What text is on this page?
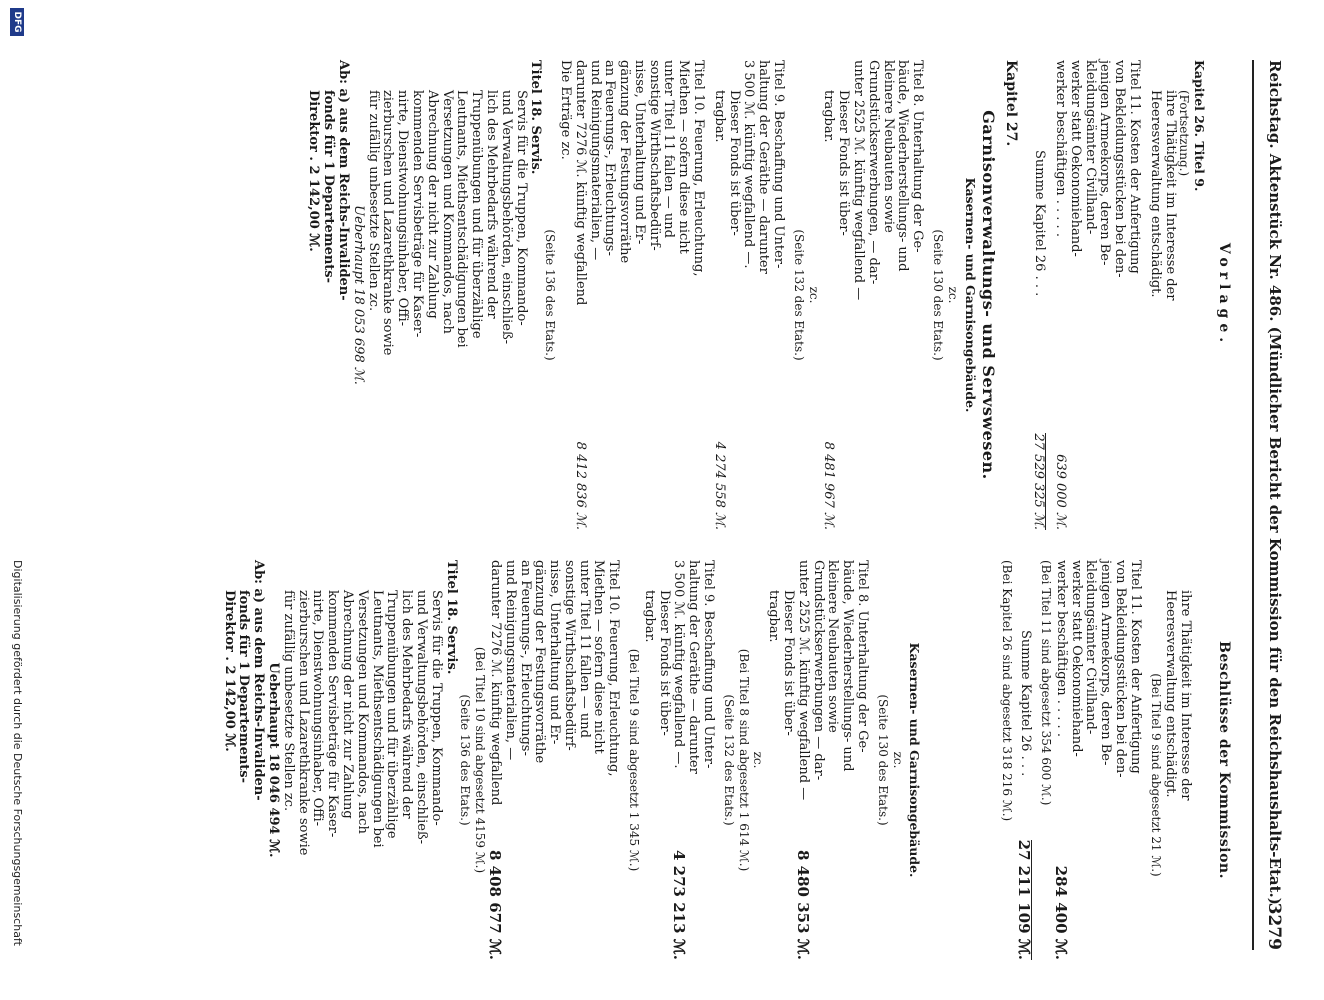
Reichstag. Aktenstück Nr. 486. (Mündlicher Bericht der Kommission für den Reichshaushalts-Etat.)
3279
Vorlage.
Kapitel 26. Titel 9.
(Fortsetzung.)
ihre Thätigkeit im Interesse der
Heeresverwaltung entschädigt.
Titel 11. Kosten der Anfertigung
von Bekleidungsstücken bei den-
jenigen Armeekorps, deren Be-
kleidungsämter Civilhand-
werker statt Oekonomiehand-
werker beschäftigen . . . . .
639 000 ℳ.
Summe Kapitel 26 . . .
27 529 325 ℳ.
Kapitel 27.
Garnisonverwaltungs- und Servswesen.
Kasernen- und Garnisongebäude.
zc.
(Seite 130 des Etats.)
Titel 8. Unterhaltung der Ge-
bäude, Wiederherstellungs- und
kleinere Neubauten sowie
Grundstückserwerbungen, — dar-
unter 2525 ℳ. künftig wegfallend —
Dieser Fonds ist über-
tragbar.
8 481 967 ℳ.
zc.
(Seite 132 des Etats.)
Titel 9. Beschaffung und Unter-
haltung der Geräthe — darunter
3 500 ℳ. künftig wegfallend —.
Dieser Fonds ist über-
tragbar.
4 274 558 ℳ.
Titel 10. Feuerung, Erleuchtung,
Miethen — sofern diese nicht
unter Titel 11 fallen — und
sonstige Wirthschaftsbedürf-
nisse, Unterhaltung und Er-
gänzung der Festungsvorräthe
an Feuerungs-, Erleuchtungs-
und Reinigungsmaterialien, —
darunter 7276 ℳ. künftig wegfallend
Die Erträge zc.
8 412 836 ℳ.
(Seite 136 des Etats.)
Titel 18. Servis.
Servis für die Truppen, Kommando-
und Verwaltungsbehörden, einschließ-
lich des Mehrbedarfs während der
Truppenübungen und für überzählige
Leutnants, Miethsentschädigungen bei
Versetzungen und Kommandos, nach
Abrechnung der nicht zur Zahlung
kommenden Servisbeträge für Kaser-
nirte, Dienstwohnungsinhaber, Offi-
zierburschen und Lazarethkranke sowie
für zufällig unbesetzte Stellen zc.
Ueberhaupt 18 053 698 ℳ.
Ab: a) aus dem Reichs-Invaliden-
fonds für 1 Departements-
Direktor . 2 142,00 ℳ.
Beschlüsse der Kommission.
ihre Thätigkeit im Interesse der
Heeresverwaltung entschädigt.
(Bei Titel 9 sind abgesetzt 21 ℳ.)
Titel 11. Kosten der Anfertigung
von Bekleidungsstücken bei den-
jenigen Armeekorps, deren Be-
kleidungsämter Civilhand-
werker statt Oekonomiehand-
werker beschäftigen . . . . .
(Bei Titel 11 sind abgesetzt 354 600 ℳ.)
284 400 ℳ.
Summe Kapitel 26 . . .
27 211 109 ℳ.
(Bei Kapitel 26 sind abgesetzt 318 216 ℳ.)
Kasernen- und Garnisongebäude.
zc.
(Seite 130 des Etats.)
Titel 8. Unterhaltung der Ge-
bäude, Wiederherstellungs- und
kleinere Neubauten sowie
Grundstückserwerbungen — dar-
unter 2525 ℳ. künftig wegfallend —
Dieser Fonds ist über-
tragbar.
8 480 353 ℳ.
zc.
(Bei Titel 8 sind abgesetzt 1 614 ℳ.)
(Seite 132 des Etats.)
Titel 9. Beschaffung und Unter-
haltung der Geräthe — darunter
3 500 ℳ. künftig wegfallend —.
Dieser Fonds ist über-
tragbar.
4 273 213 ℳ.
(Bei Titel 9 sind abgesetzt 1 345 ℳ.)
Titel 10. Feuerung, Erleuchtung,
Miethen — sofern diese nicht
unter Titel 11 fallen — und
sonstige Wirthschaftsbedürf-
nisse, Unterhaltung und Er-
gänzung der Festungsvorräthe
an Feuerungs-, Erleuchtungs-
und Reinigungsmaterialien, —
darunter 7276 ℳ. künftig wegfallend
8 408 677 ℳ.
(Bei Titel 10 sind abgesetzt 4159 ℳ.)
(Seite 136 des Etats.)
Titel 18. Servis.
Servis für die Truppen, Kommando-
und Verwaltungsbehörden, einschließ-
lich des Mehrbedarfs während der
Truppenübungen und für überzählige
Leutnants, Miethsentschädigungen bei
Versetzungen und Kommandos, nach
Abrechnung der nicht zur Zahlung
kommenden Servisbeträge für Kaser-
nirte, Dienstwohnungsinhaber, Offi-
zierburschen und Lazarethkranke sowie
für zufällig unbesetzte Stellen zc.
Ueberhaupt 18 046 494 ℳ.
Ab: a) aus dem Reichs-Invaliden-
fonds für 1 Departements-
Direktor . 2 142,00 ℳ.
DFG
Digitalisierung gefördert durch die Deutsche Forschungsgemeinschaft
